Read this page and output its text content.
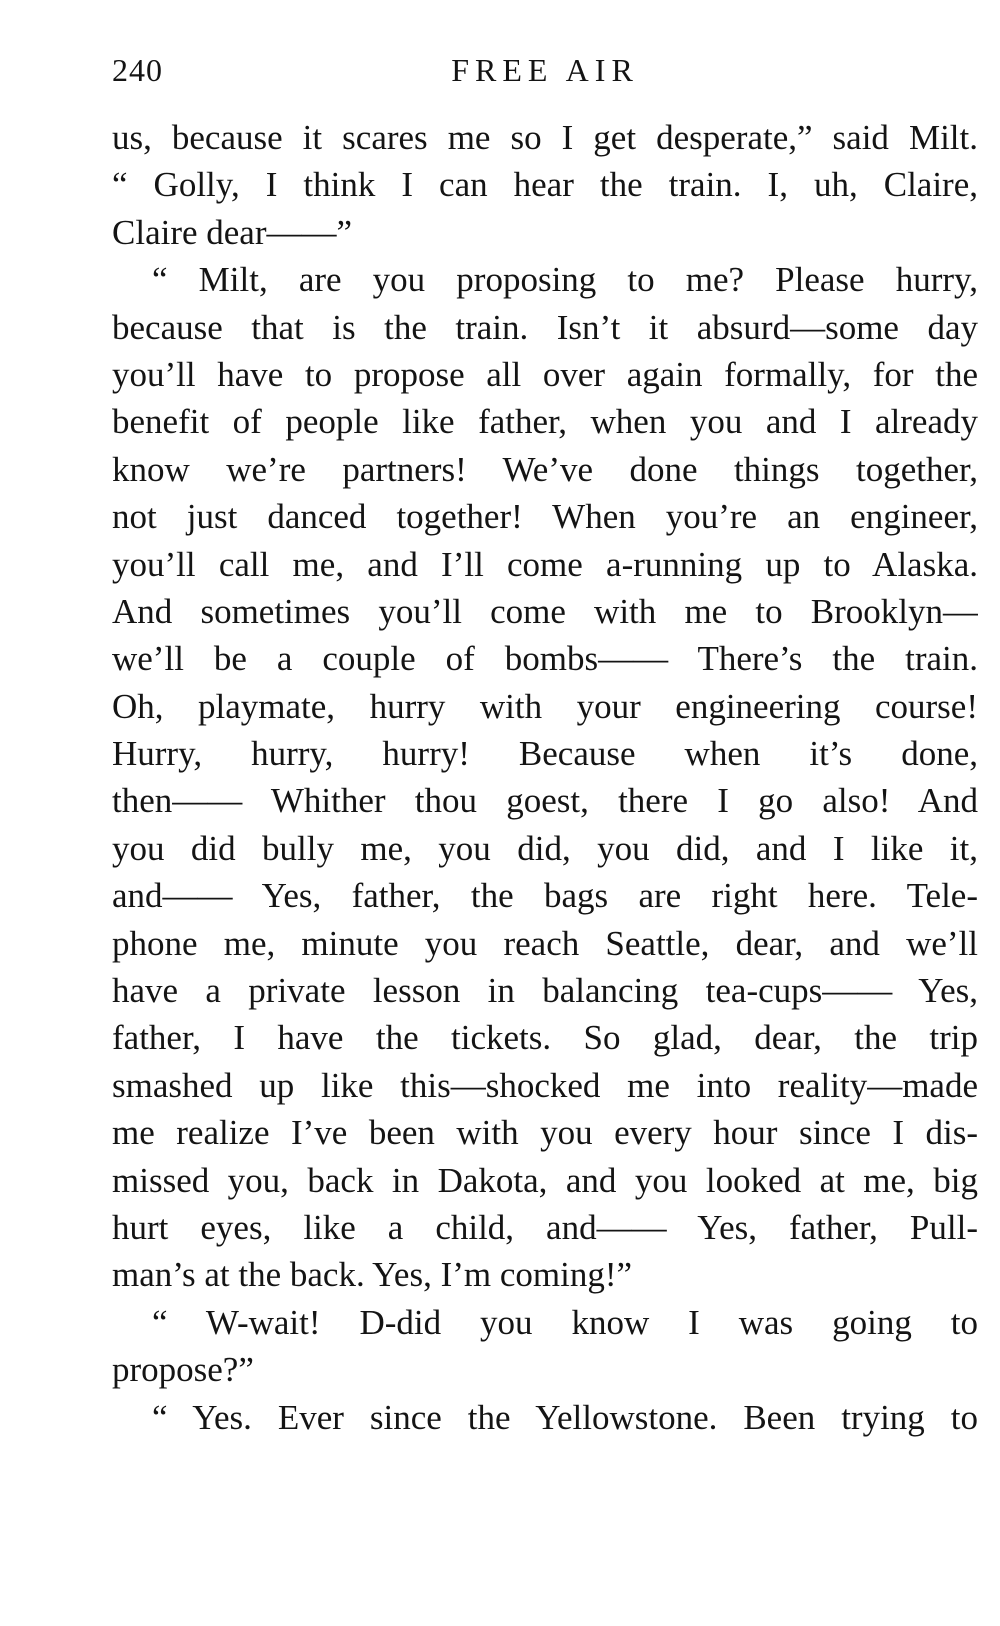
240	FREE AIR
us, because it scares me so I get desperate,” said Milt.
“ Golly, I think I can hear the train. I, uh, Claire,
Claire dear——”
“ Milt, are you proposing to me? Please hurry,
because that is the train. Isn’t it absurd—some day
you’ll have to propose all over again formally, for the
benefit of people like father, when you and I already
know we’re partners! We’ve done things together,
not just danced together! When you’re an engineer,
you’ll call me, and I’ll come a-running up to Alaska.
And sometimes you’ll come with me to Brooklyn—
we’ll be a couple of bombs—— There’s the train.
Oh, playmate, hurry with your engineering course!
Hurry, hurry, hurry! Because when it’s done,
then—— Whither thou goest, there I go also! And
you did bully me, you did, you did, and I like it,
and—— Yes, father, the bags are right here. Tele-
phone me, minute you reach Seattle, dear, and we’ll
have a private lesson in balancing tea-cups—— Yes,
father, I have the tickets. So glad, dear, the trip
smashed up like this—shocked me into reality—made
me realize I’ve been with you every hour since I dis-
missed you, back in Dakota, and you looked at me, big
hurt eyes, like a child, and—— Yes, father, Pull-
man’s at the back. Yes, I’m coming!”
“ W-wait! D-did you know I was going to
propose?”
“ Yes. Ever since the Yellowstone. Been trying to
